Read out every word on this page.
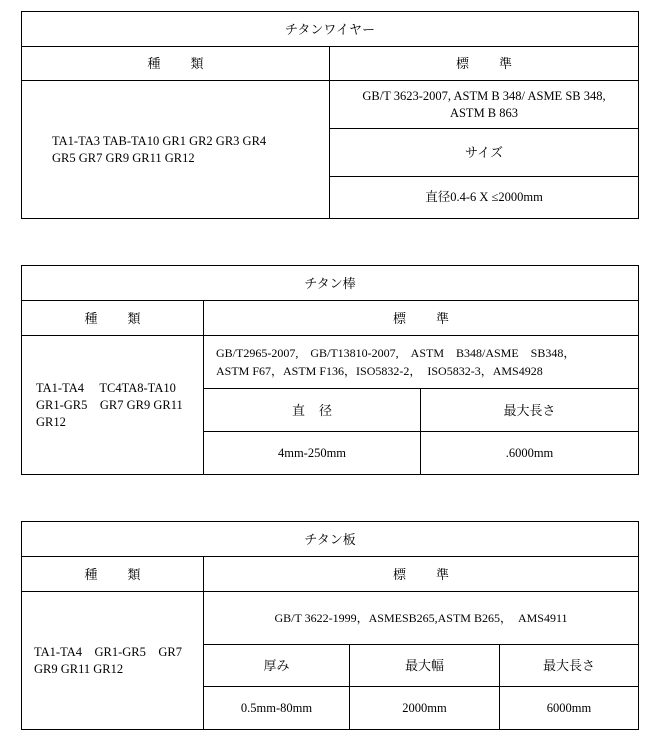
チタンワイヤー	
種 類	標 準
TA1-TA3 TAB-TA10 GR1 GR2 GR3 GR4 GR5 GR7 GR9 GR11 GR12	GB/T 3623-2007, ASTM B 348/ ASME SB 348, ASTM B 863
	サイズ
	直径0.4-6 X ≤2000mm
チタン棒		
種 類	標 準	
TA1-TA4　 TC4TA8-TA10　GR1-GR5　GR7 GR9 GR11 GR12	GB/T2965-2007,　GB/T13810-2007,　ASTM　B348/ASME　SB348，
ASTM F67，ASTM F136，ISO5832-2，　ISO5832-3，AMS4928	

	直 径	最大長さ
	4mm-250mm	.6000mm
チタン板			
種 類	標 準		
TA1-TA4　GR1-GR5　GR7 GR9 GR11 GR12	GB/T 3622-1999，ASMESB265,ASTM B265，　AMS4911		
	厚み	最大幅	最大長さ
	0.5mm-80mm	2000mm	6000mm
